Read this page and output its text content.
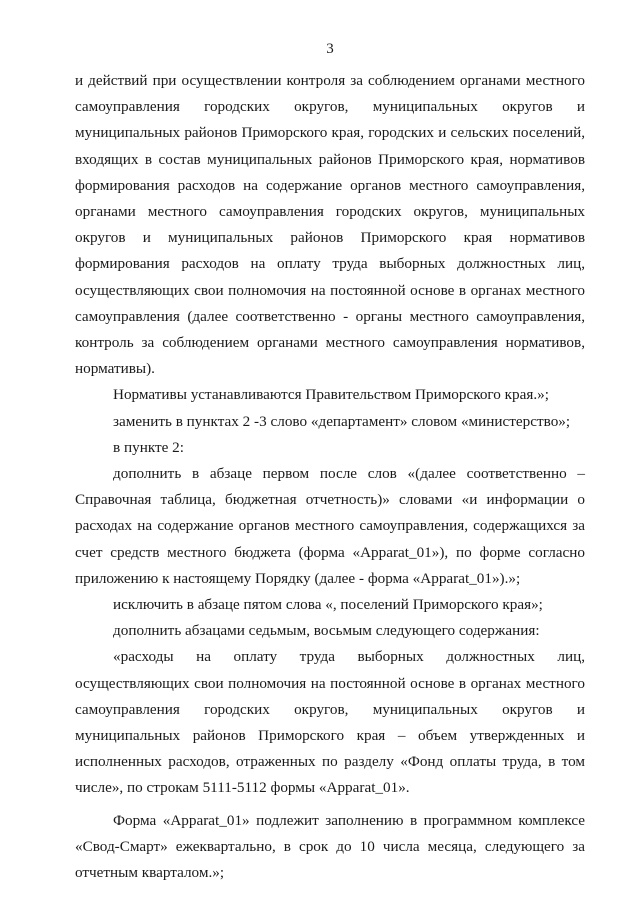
3

и действий при осуществлении контроля за соблюдением органами местного самоуправления городских округов, муниципальных округов и муниципальных районов Приморского края, городских и сельских поселений, входящих в состав муниципальных районов Приморского края, нормативов формирования расходов на содержание органов местного самоуправления, органами местного самоуправления городских округов, муниципальных округов и муниципальных районов Приморского края нормативов формирования расходов на оплату труда выборных должностных лиц, осуществляющих свои полномочия на постоянной основе в органах местного самоуправления (далее соответственно - органы местного самоуправления, контроль за соблюдением органами местного самоуправления нормативов, нормативы).

Нормативы устанавливаются Правительством Приморского края.»;

заменить в пунктах 2 -3 слово «департамент» словом «министерство»;

в пункте 2:

дополнить в абзаце первом после слов «(далее соответственно – Справочная таблица, бюджетная отчетность)» словами «и информации о расходах на содержание органов местного самоуправления, содержащихся за счет средств местного бюджета (форма «Apparat_01»), по форме согласно приложению к настоящему Порядку (далее - форма «Apparat_01»).»;

исключить в абзаце пятом слова «, поселений Приморского края»;

дополнить абзацами седьмым, восьмым следующего содержания:

«расходы на оплату труда выборных должностных лиц, осуществляющих свои полномочия на постоянной основе в органах местного самоуправления городских округов, муниципальных округов и муниципальных районов Приморского края – объем утвержденных и исполненных расходов, отраженных по разделу «Фонд оплаты труда, в том числе», по строкам 5111-5112 формы «Apparat_01».

Форма «Apparat_01» подлежит заполнению в программном комплексе «Свод-Смарт» ежеквартально, в срок до 10 числа месяца, следующего за отчетным кварталом.»;
